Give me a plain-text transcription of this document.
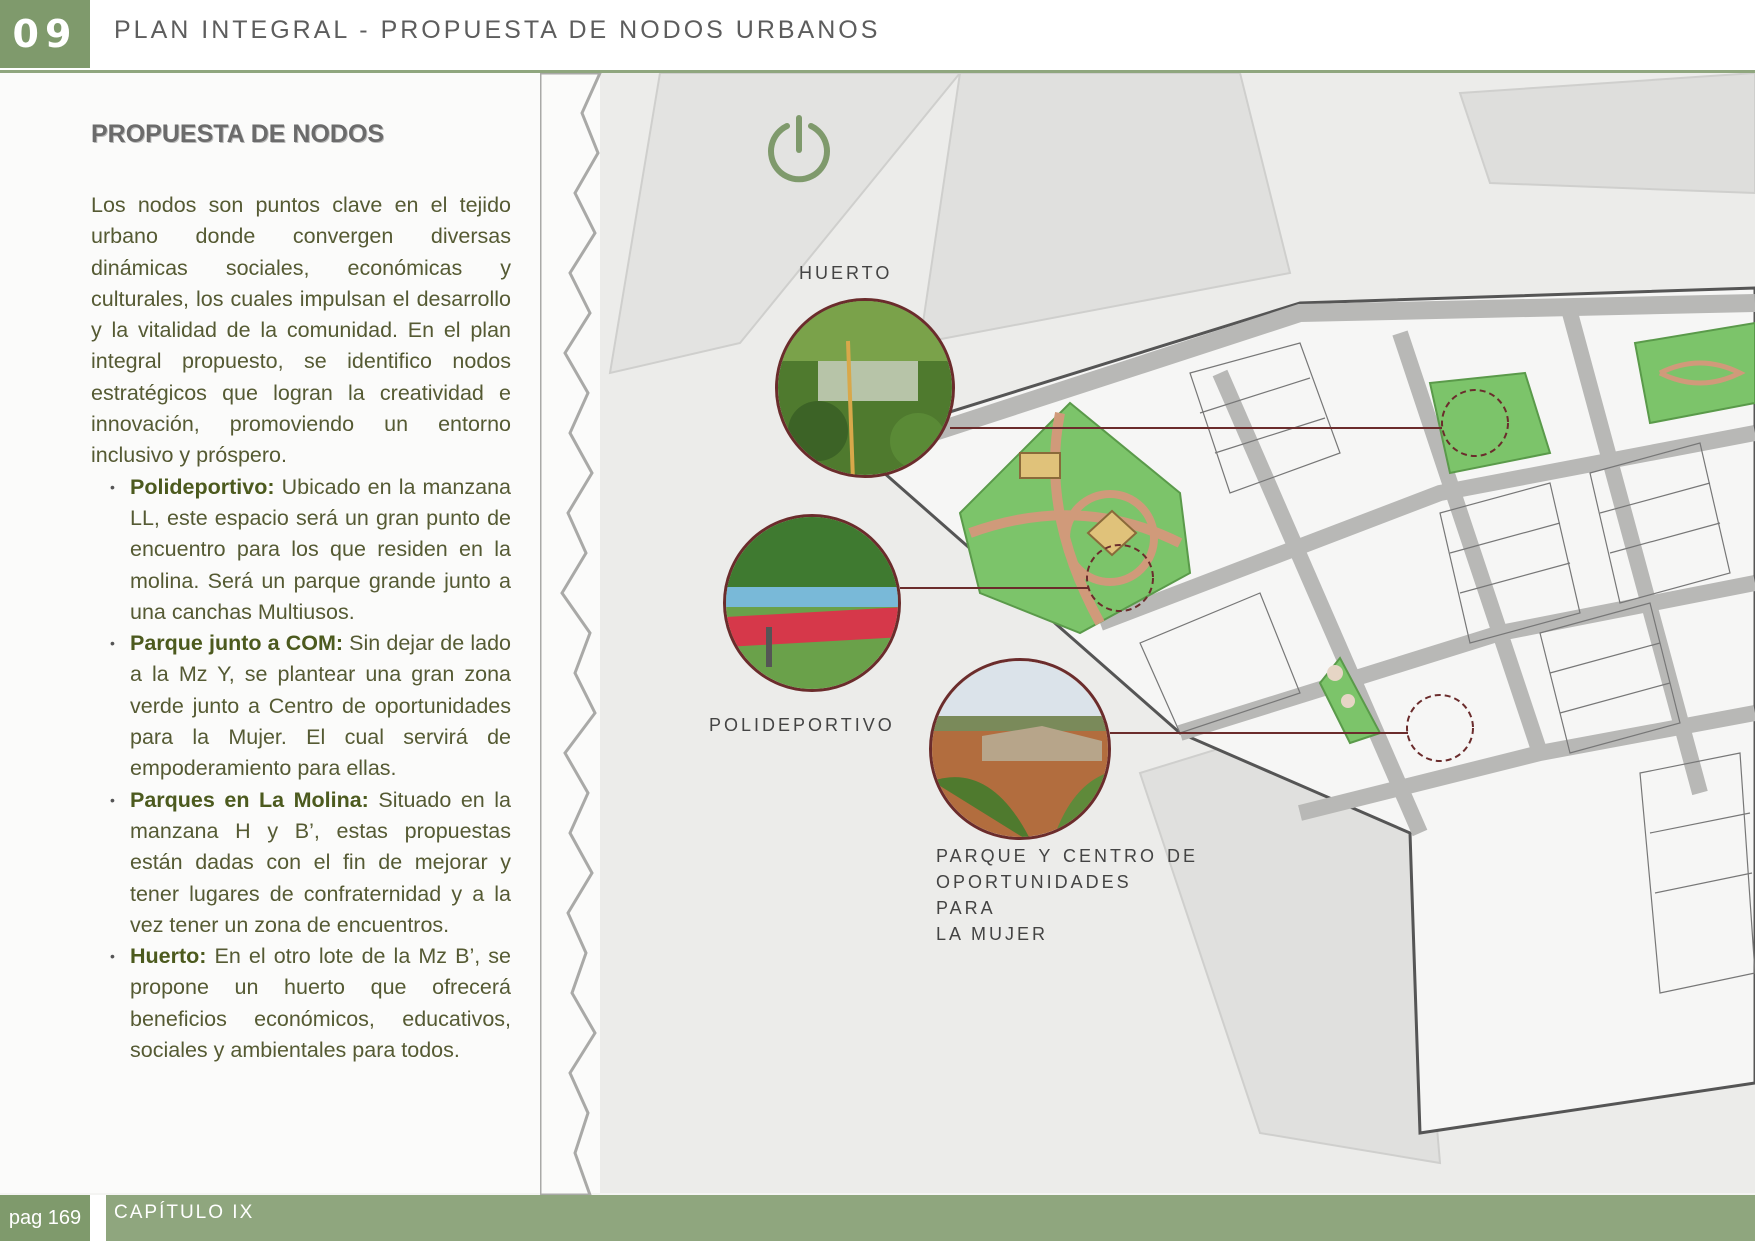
09	PLAN INTEGRAL - PROPUESTA DE NODOS URBANOS
HUERTO
POLIDEPORTIVO
PARQUE Y CENTRO DE
OPORTUNIDADES PARA
LA MUJER
PROPUESTA DE NODOS

Los nodos son puntos clave en el tejido urbano donde convergen diversas dinámicas sociales, económicas y culturales, los cuales impulsan el desarrollo y la vitalidad de la comunidad. En el plan integral propuesto, se identifico nodos estratégicos que logran la creatividad e innovación, promoviendo un entorno inclusivo y próspero.

• Polideportivo: Ubicado en la manzana LL, este espacio será un gran punto de encuentro para los que residen en la molina. Será un parque grande junto a una canchas Multiusos.
• Parque junto a COM: Sin dejar de lado a la Mz Y, se plantear una gran zona verde junto a Centro de oportunidades para la Mujer. El cual servirá de empoderamiento para ellas.
• Parques en La Molina: Situado en la manzana H y B’, estas propuestas están dadas con el fin de mejorar y tener lugares de confraternidad y a la vez tener un zona de encuentros.
• Huerto: En el otro lote de la Mz B’, se propone un huerto que ofrecerá beneficios económicos, educativos, sociales y ambientales para todos.
pag 169	CAPÍTULO IX
